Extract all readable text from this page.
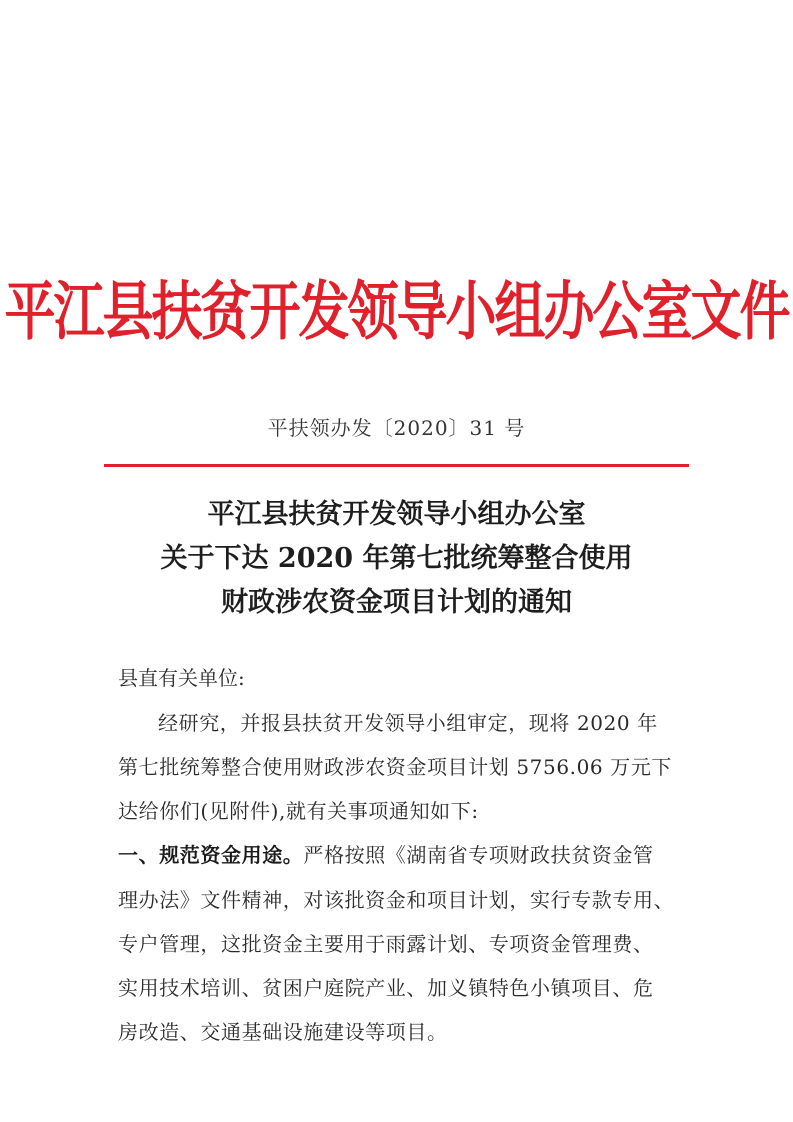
平江县扶贫开发领导小组办公室文件
平扶领办发〔2020〕31 号
平江县扶贫开发领导小组办公室
关于下达 2020 年第七批统筹整合使用
财政涉农资金项目计划的通知
县直有关单位:
经研究，并报县扶贫开发领导小组审定，现将 2020 年
第七批统筹整合使用财政涉农资金项目计划 5756.06 万元下
达给你们(见附件),就有关事项通知如下:
一、规范资金用途。严格按照《湖南省专项财政扶贫资金管
理办法》文件精神，对该批资金和项目计划，实行专款专用、
专户管理，这批资金主要用于雨露计划、专项资金管理费、
实用技术培训、贫困户庭院产业、加义镇特色小镇项目、危
房改造、交通基础设施建设等项目。
